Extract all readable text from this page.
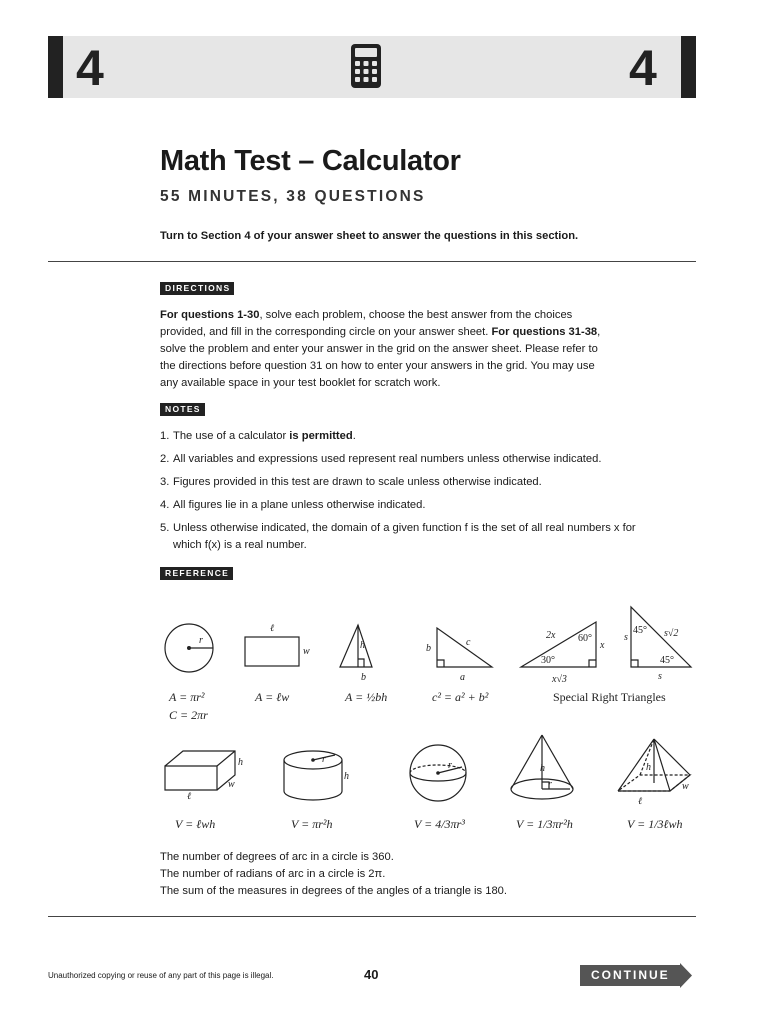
4	4
Math Test – Calculator
55 MINUTES, 38 QUESTIONS
Turn to Section 4 of your answer sheet to answer the questions in this section.
DIRECTIONS
For questions 1-30, solve each problem, choose the best answer from the choices
provided, and fill in the corresponding circle on your answer sheet. For questions 31-38,
solve the problem and enter your answer in the grid on the answer sheet. Please refer to
the directions before question 31 on how to enter your answers in the grid. You may use
any available space in your test booklet for scratch work.
NOTES
1. The use of a calculator is permitted.
2. All variables and expressions used represent real numbers unless otherwise indicated.
3. Figures provided in this test are drawn to scale unless otherwise indicated.
4. All figures lie in a plane unless otherwise indicated.
5. Unless otherwise indicated, the domain of a given function f is the set of all real numbers x for
which f(x) is a real number.
REFERENCE
r
ℓ
w
h
b
b
c
a
2x 60°
30°
x
x√3
s
45° s√2
45°
s
h
ℓ
w
r
h
r	h
r
h
ℓ
w
Special Right Triangles
A = πr²
C = 2πr
A = ℓw	A = ½bh	c² = a² + b²
V = ℓwh	V = πr²h	V = 4/3πr³	V = 1/3πr²h	V = 1/3ℓwh
The number of degrees of arc in a circle is 360.
The number of radians of arc in a circle is 2π.
The sum of the measures in degrees of the angles of a triangle is 180.
Unauthorized copying or reuse of any part of this page is illegal.	40	CONTINUE
